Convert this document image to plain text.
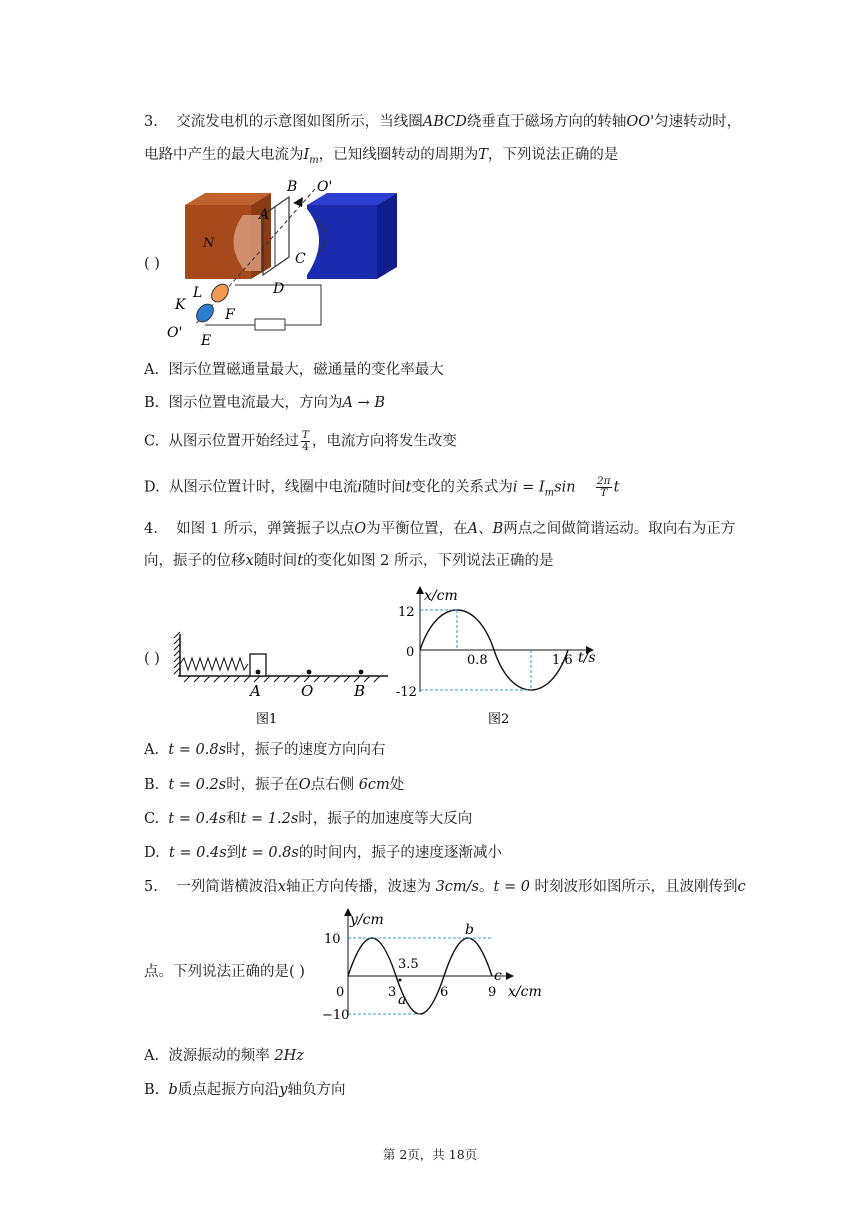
3. 交流发电机的示意图如图所示，当线圈ABCD绕垂直于磁场方向的转轴OO'匀速转动时，
电路中产生的最大电流为$I_m$，已知线圈转动的周期为T，下列说法正确的是
( )
B O'
A
N
C
D
L
K
F
O' E
A. 图示位置磁通量最大，磁通量的变化率最大
B. 图示位置电流最大，方向为A → B
C. 从图示位置开始经过 $\frac{T}{4}$ ，电流方向将发生改变
D. 从图示位置计时，线圈中电流i随时间t变化的关系式为$i = I_m\sin \frac{2\pi}{T}$ t
4. 如图 1 所示，弹簧振子以点O为平衡位置，在A、B两点之间做简谐运动。取向右为正方
向，振子的位移x随时间t的变化如图 2 所示，下列说法正确的是
( )
A	O	B
图1
x/cm
t/s
12
0
0.8	1.6
-12
图2
A. t = 0.8s时，振子的速度方向向右
B. t = 0.2s时，振子在O点右侧 6cm处
C. t = 0.4s和t = 1.2s时，振子的加速度等大反向
D. t = 0.4s到t = 0.8s的时间内，振子的速度逐渐减小
5. 一列简谐横波沿x轴正方向传播，波速为 3cm/s。t = 0 时刻波形如图所示，且波刚传到c
点。下列说法正确的是( )
y/cm
x/cm
10
−10
0	3	6	9
3.5
a
b
c
A. 波源振动的频率 2Hz
B. b质点起振方向沿y轴负方向
第 2页，共 18页
